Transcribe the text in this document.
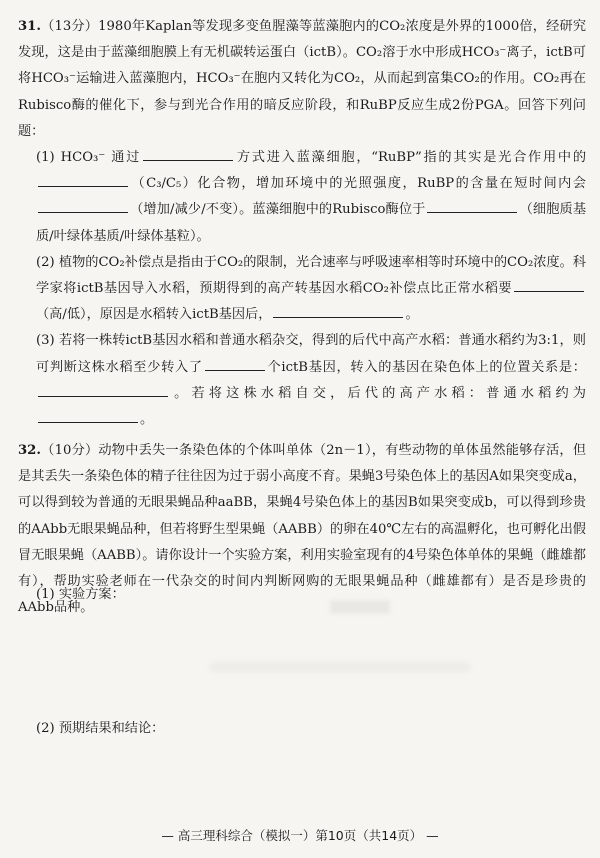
31.（13分）1980年Kaplan等发现多变鱼腥藻等蓝藻胞内的CO₂浓度是外界的1000倍，经研究发现，这是由于蓝藻细胞膜上有无机碳转运蛋白（ictB）。CO₂溶于水中形成HCO₃⁻离子，ictB可将HCO₃⁻运输进入蓝藻胞内，HCO₃⁻在胞内又转化为CO₂，从而起到富集CO₂的作用。CO₂再在Rubisco酶的催化下，参与到光合作用的暗反应阶段，和RuBP反应生成2份PGA。回答下列问题：

(1) HCO₃⁻ 通过	方式进入蓝藻细胞，“RuBP”指的其实是光合作用中的（C₃/C₅）化合物，增加环境中的光照强度，RuBP的含量在短时间内会（增加/减少/不变）。蓝藻细胞中的Rubisco酶位于	（细胞质基质/叶绿体基质/叶绿体基粒）。

(2) 植物的CO₂补偿点是指由于CO₂的限制，光合速率与呼吸速率相等时环境中的CO₂浓度。科学家将ictB基因导入水稻，预期得到的高产转基因水稻CO₂补偿点比正常水稻要（高/低），原因是水稻转入ictB基因后，	。

(3) 若将一株转ictB基因水稻和普通水稻杂交，得到的后代中高产水稻：普通水稻约为3:1，则可判断这株水稻至少转入了	个ictB基因，转入的基因在染色体上的位置关系是：。若将这株水稻自交，后代的高产水稻：普通水稻约为。

32.（10分）动物中丢失一条染色体的个体叫单体（2n－1），有些动物的单体虽然能够存活，但是其丢失一条染色体的精子往往因为过于弱小高度不育。果蝇3号染色体上的基因A如果突变成a，可以得到较为普通的无眼果蝇品种aaBB，果蝇4号染色体上的基因B如果突变成b，可以得到珍贵的AAbb无眼果蝇品种，但若将野生型果蝇（AABB）的卵在40℃左右的高温孵化，也可孵化出假冒无眼果蝇（AABB）。请你设计一个实验方案，利用实验室现有的4号染色体单体的果蝇（雌雄都有），帮助实验老师在一代杂交的时间内判断网购的无眼果蝇品种（雌雄都有）是否是珍贵的AAbb品种。

(1) 实验方案：
(2) 预期结果和结论：
— 高三理科综合（模拟一）第10页（共14页） —
